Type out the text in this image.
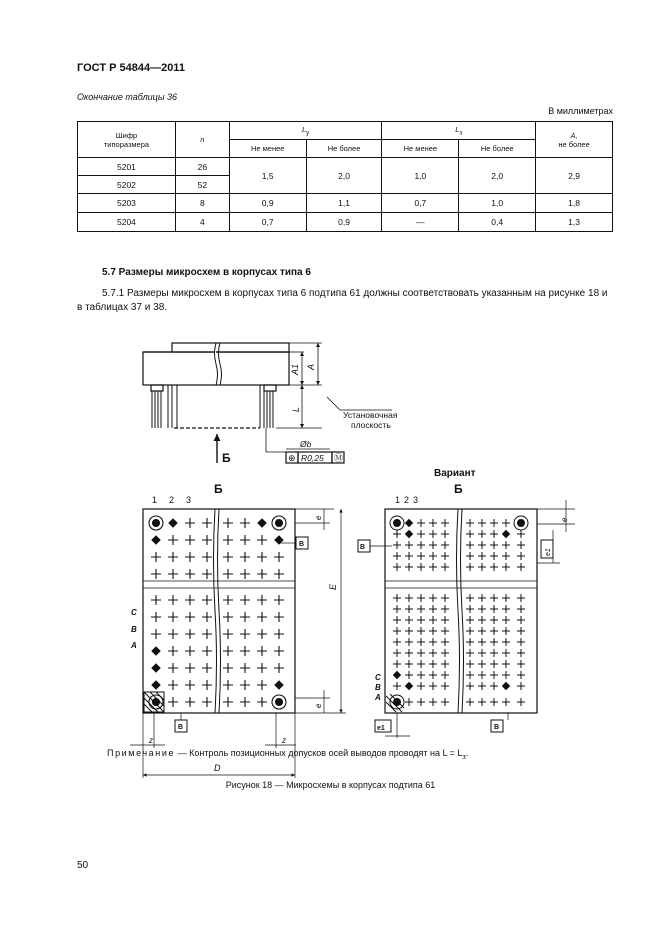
ГОСТ Р 54844—2011
Окончание таблицы 36
В миллиметрах
Шифр типоразмера	n	$L_у$		$L_з$		А,
не более
		Не менее	Не более	Не менее	Не более	
5201	26	1,5	2,0	1,0	2,0	2,9
5202	52					
5203	8	0,9	1,1	0,7	1,0	1,8
5204	4	0,7	0,9	—	0,4	1,3
5.7 Размеры микросхем в корпусах типа 6
5.7.1 Размеры микросхем в корпусах типа 6 подтипа 61 должны соответствовать указанным на рисунке 18 и в таблицах 37 и 38.
A
A1
L
Установочная
плоскость
Б
Øb
⊕ R0,25 Ⓜ
Б
1 2 3
C
B
A
E
D
z	z
e
e
В
В
Вариант
Б
1 2 3
C
B
A
e
e1
В
e1	В
Примечание — Контроль позиционных допусков осей выводов проводят на $L = L_з$.
Рисунок 18 — Микросхемы в корпусах подтипа 61
50
